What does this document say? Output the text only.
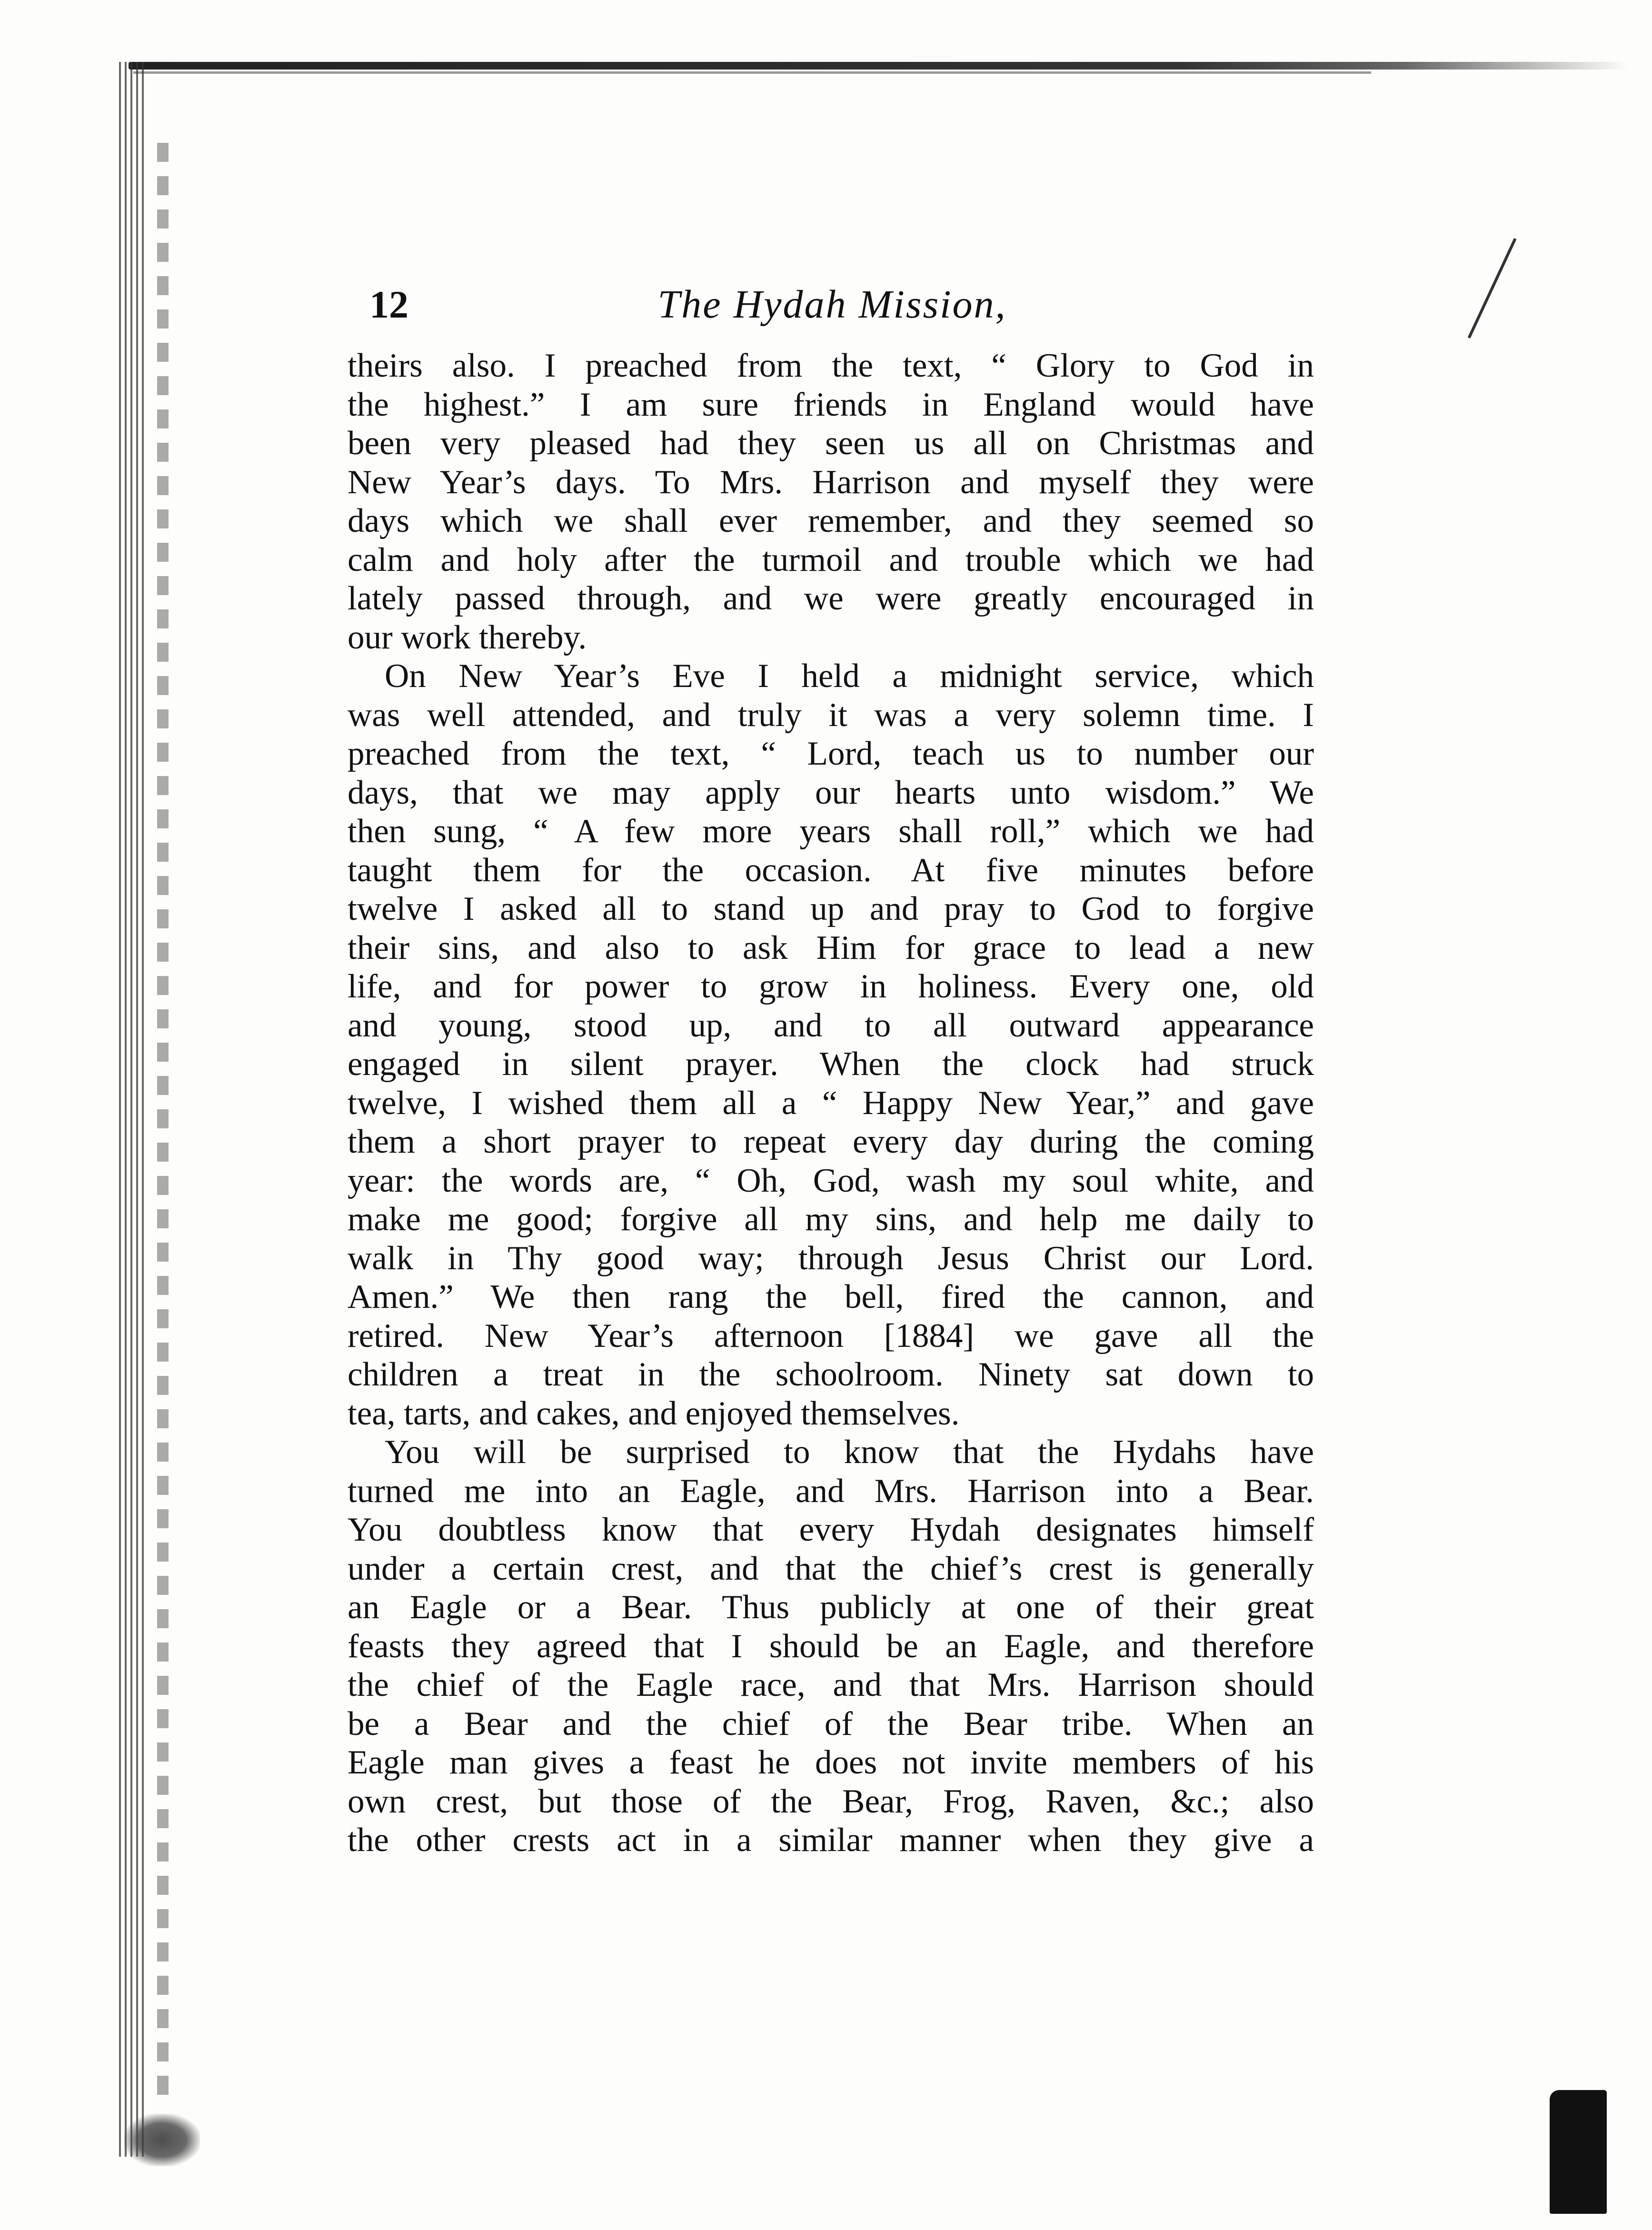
12	The Hydah Mission,
theirs also. I preached from the text, “ Glory to God in
the highest.” I am sure friends in England would have
been very pleased had they seen us all on Christmas and
New Year’s days. To Mrs. Harrison and myself they were
days which we shall ever remember, and they seemed so
calm and holy after the turmoil and trouble which we had
lately passed through, and we were greatly encouraged in
our work thereby.
On New Year’s Eve I held a midnight service, which
was well attended, and truly it was a very solemn time. I
preached from the text, “ Lord, teach us to number our
days, that we may apply our hearts unto wisdom.” We
then sung, “ A few more years shall roll,” which we had
taught them for the occasion. At five minutes before
twelve I asked all to stand up and pray to God to forgive
their sins, and also to ask Him for grace to lead a new
life, and for power to grow in holiness. Every one, old
and young, stood up, and to all outward appearance
engaged in silent prayer. When the clock had struck
twelve, I wished them all a “ Happy New Year,” and gave
them a short prayer to repeat every day during the coming
year: the words are, “ Oh, God, wash my soul white, and
make me good; forgive all my sins, and help me daily to
walk in Thy good way; through Jesus Christ our Lord.
Amen.” We then rang the bell, fired the cannon, and
retired. New Year’s afternoon [1884] we gave all the
children a treat in the schoolroom. Ninety sat down to
tea, tarts, and cakes, and enjoyed themselves.
You will be surprised to know that the Hydahs have
turned me into an Eagle, and Mrs. Harrison into a Bear.
You doubtless know that every Hydah designates himself
under a certain crest, and that the chief’s crest is generally
an Eagle or a Bear. Thus publicly at one of their great
feasts they agreed that I should be an Eagle, and therefore
the chief of the Eagle race, and that Mrs. Harrison should
be a Bear and the chief of the Bear tribe. When an
Eagle man gives a feast he does not invite members of his
own crest, but those of the Bear, Frog, Raven, &c.; also
the other crests act in a similar manner when they give a
